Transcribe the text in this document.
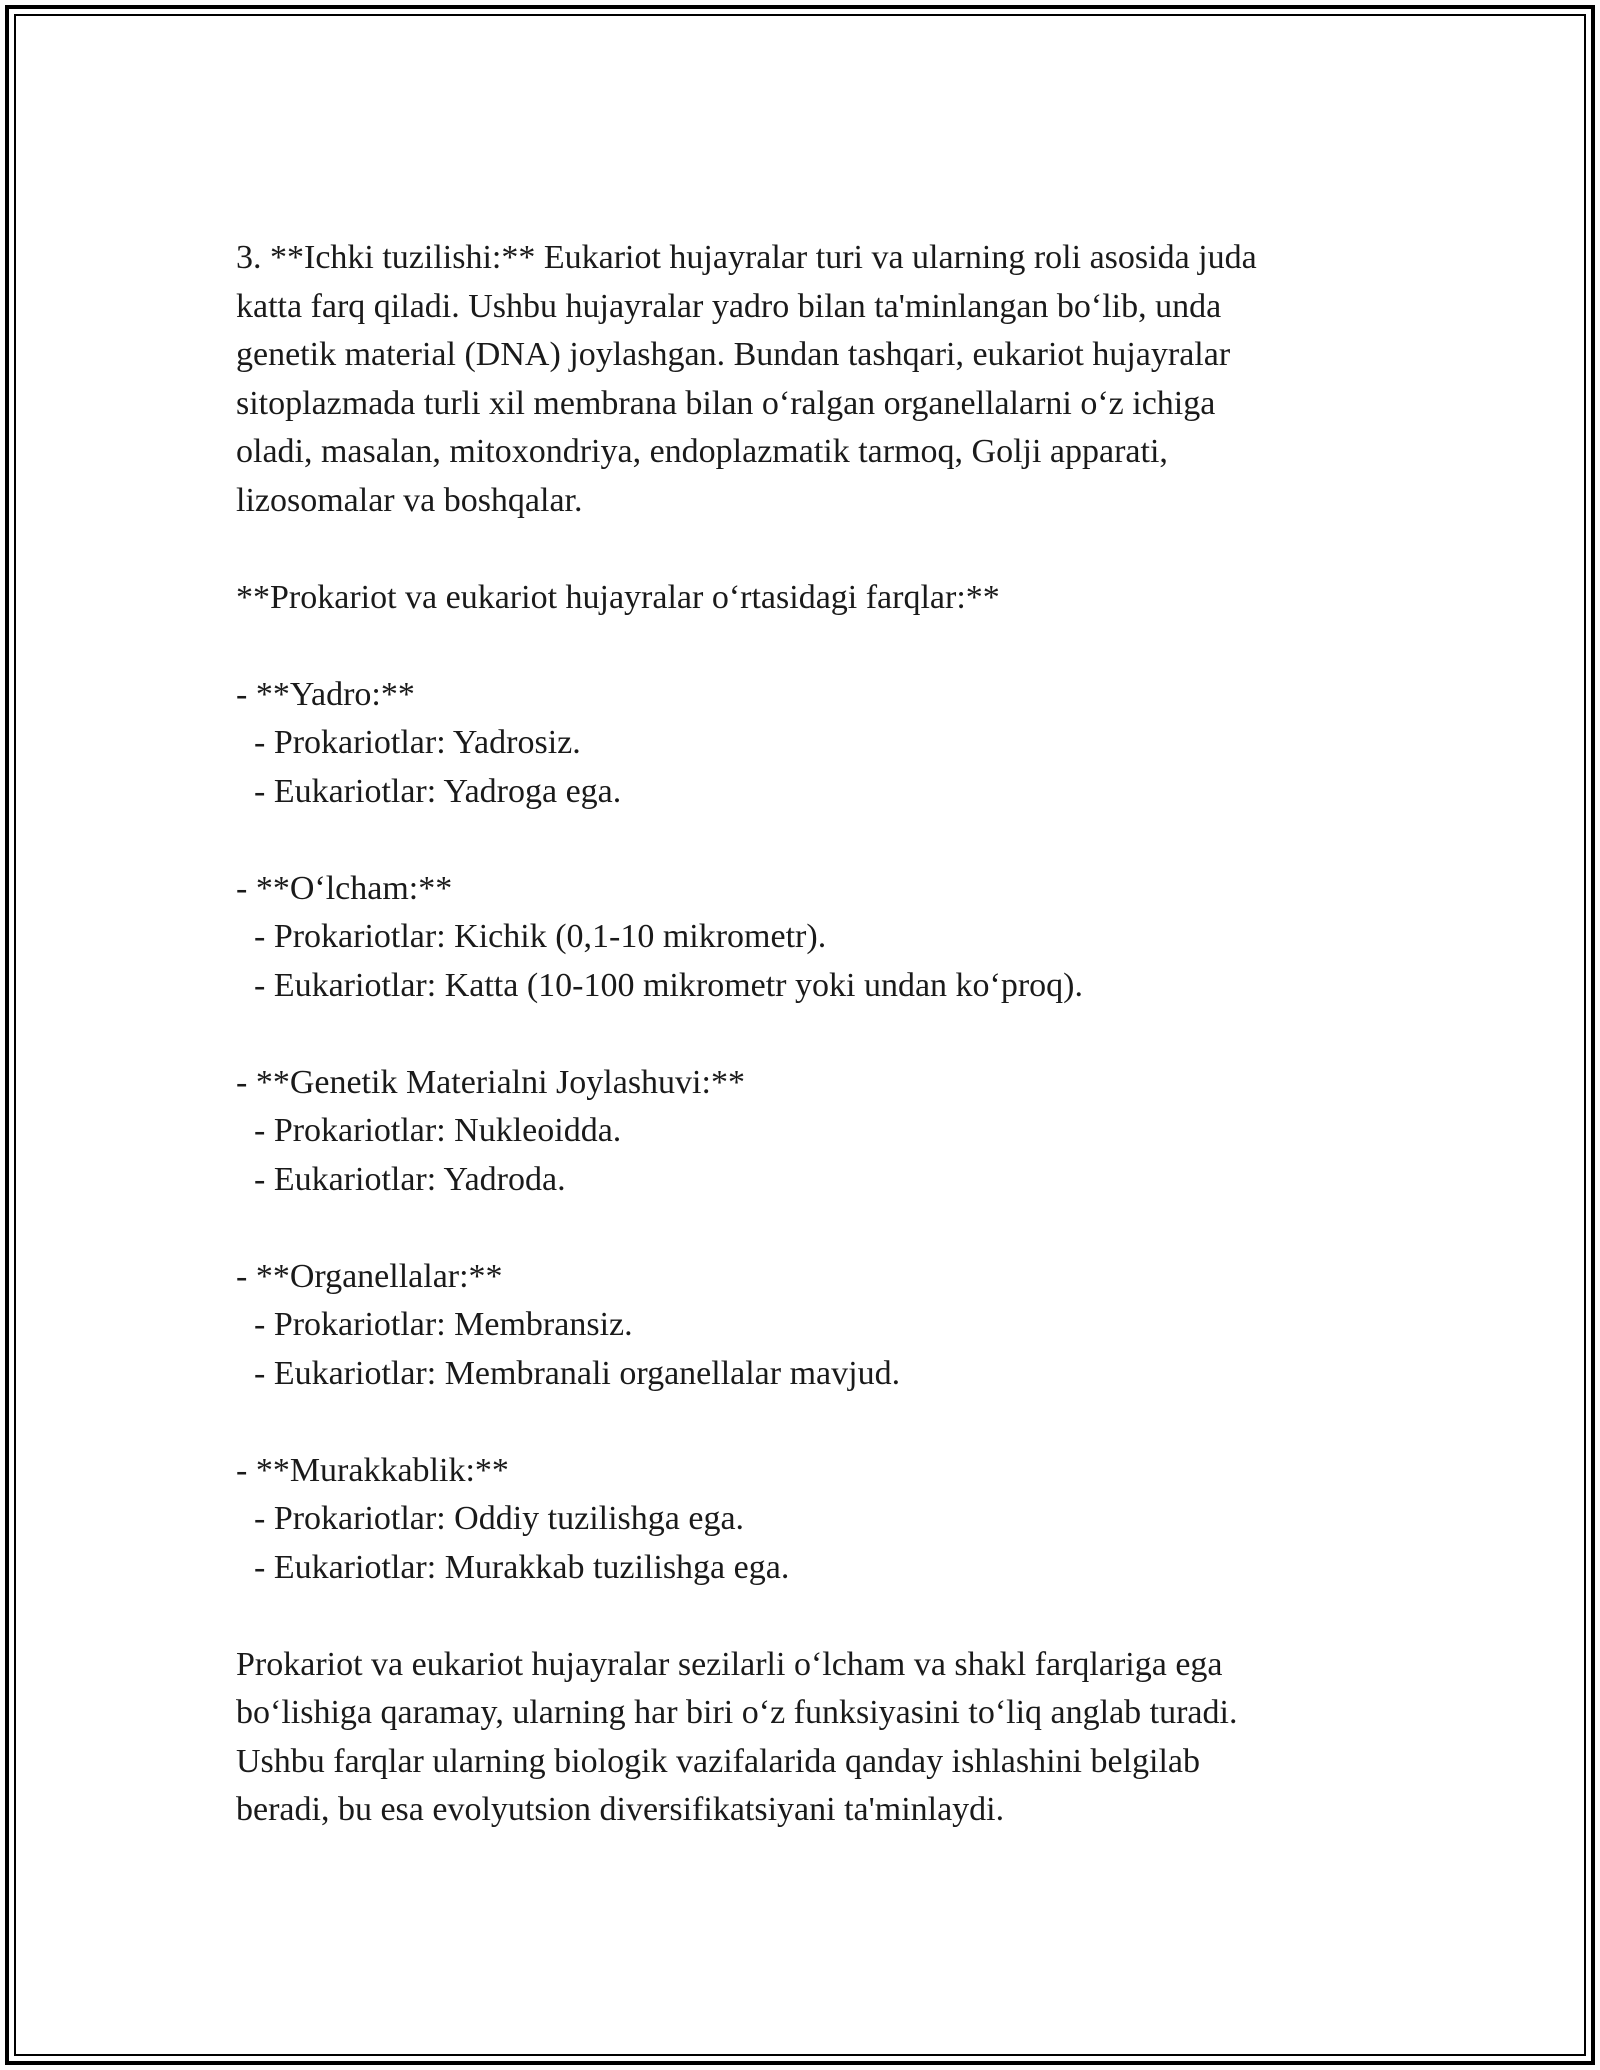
3. **Ichki tuzilishi:** Eukariot hujayralar turi va ularning roli asosida juda

katta farq qiladi. Ushbu hujayralar yadro bilan ta'minlangan bo‘lib, unda

genetik material (DNA) joylashgan. Bundan tashqari, eukariot hujayralar

sitoplazmada turli xil membrana bilan o‘ralgan organellalarni o‘z ichiga

oladi, masalan, mitoxondriya, endoplazmatik tarmoq, Golji apparati,

lizosomalar va boshqalar.

**Prokariot va eukariot hujayralar o‘rtasidagi farqlar:**

- **Yadro:**

- Prokariotlar: Yadrosiz.

- Eukariotlar: Yadroga ega.

- **O‘lcham:**

- Prokariotlar: Kichik (0,1-10 mikrometr).

- Eukariotlar: Katta (10-100 mikrometr yoki undan ko‘proq).

- **Genetik Materialni Joylashuvi:**

- Prokariotlar: Nukleoidda.

- Eukariotlar: Yadroda.

- **Organellalar:**

- Prokariotlar: Membransiz.

- Eukariotlar: Membranali organellalar mavjud.

- **Murakkablik:**

- Prokariotlar: Oddiy tuzilishga ega.

- Eukariotlar: Murakkab tuzilishga ega.

Prokariot va eukariot hujayralar sezilarli o‘lcham va shakl farqlariga ega

bo‘lishiga qaramay, ularning har biri o‘z funksiyasini to‘liq anglab turadi.

Ushbu farqlar ularning biologik vazifalarida qanday ishlashini belgilab

beradi, bu esa evolyutsion diversifikatsiyani ta'minlaydi.
